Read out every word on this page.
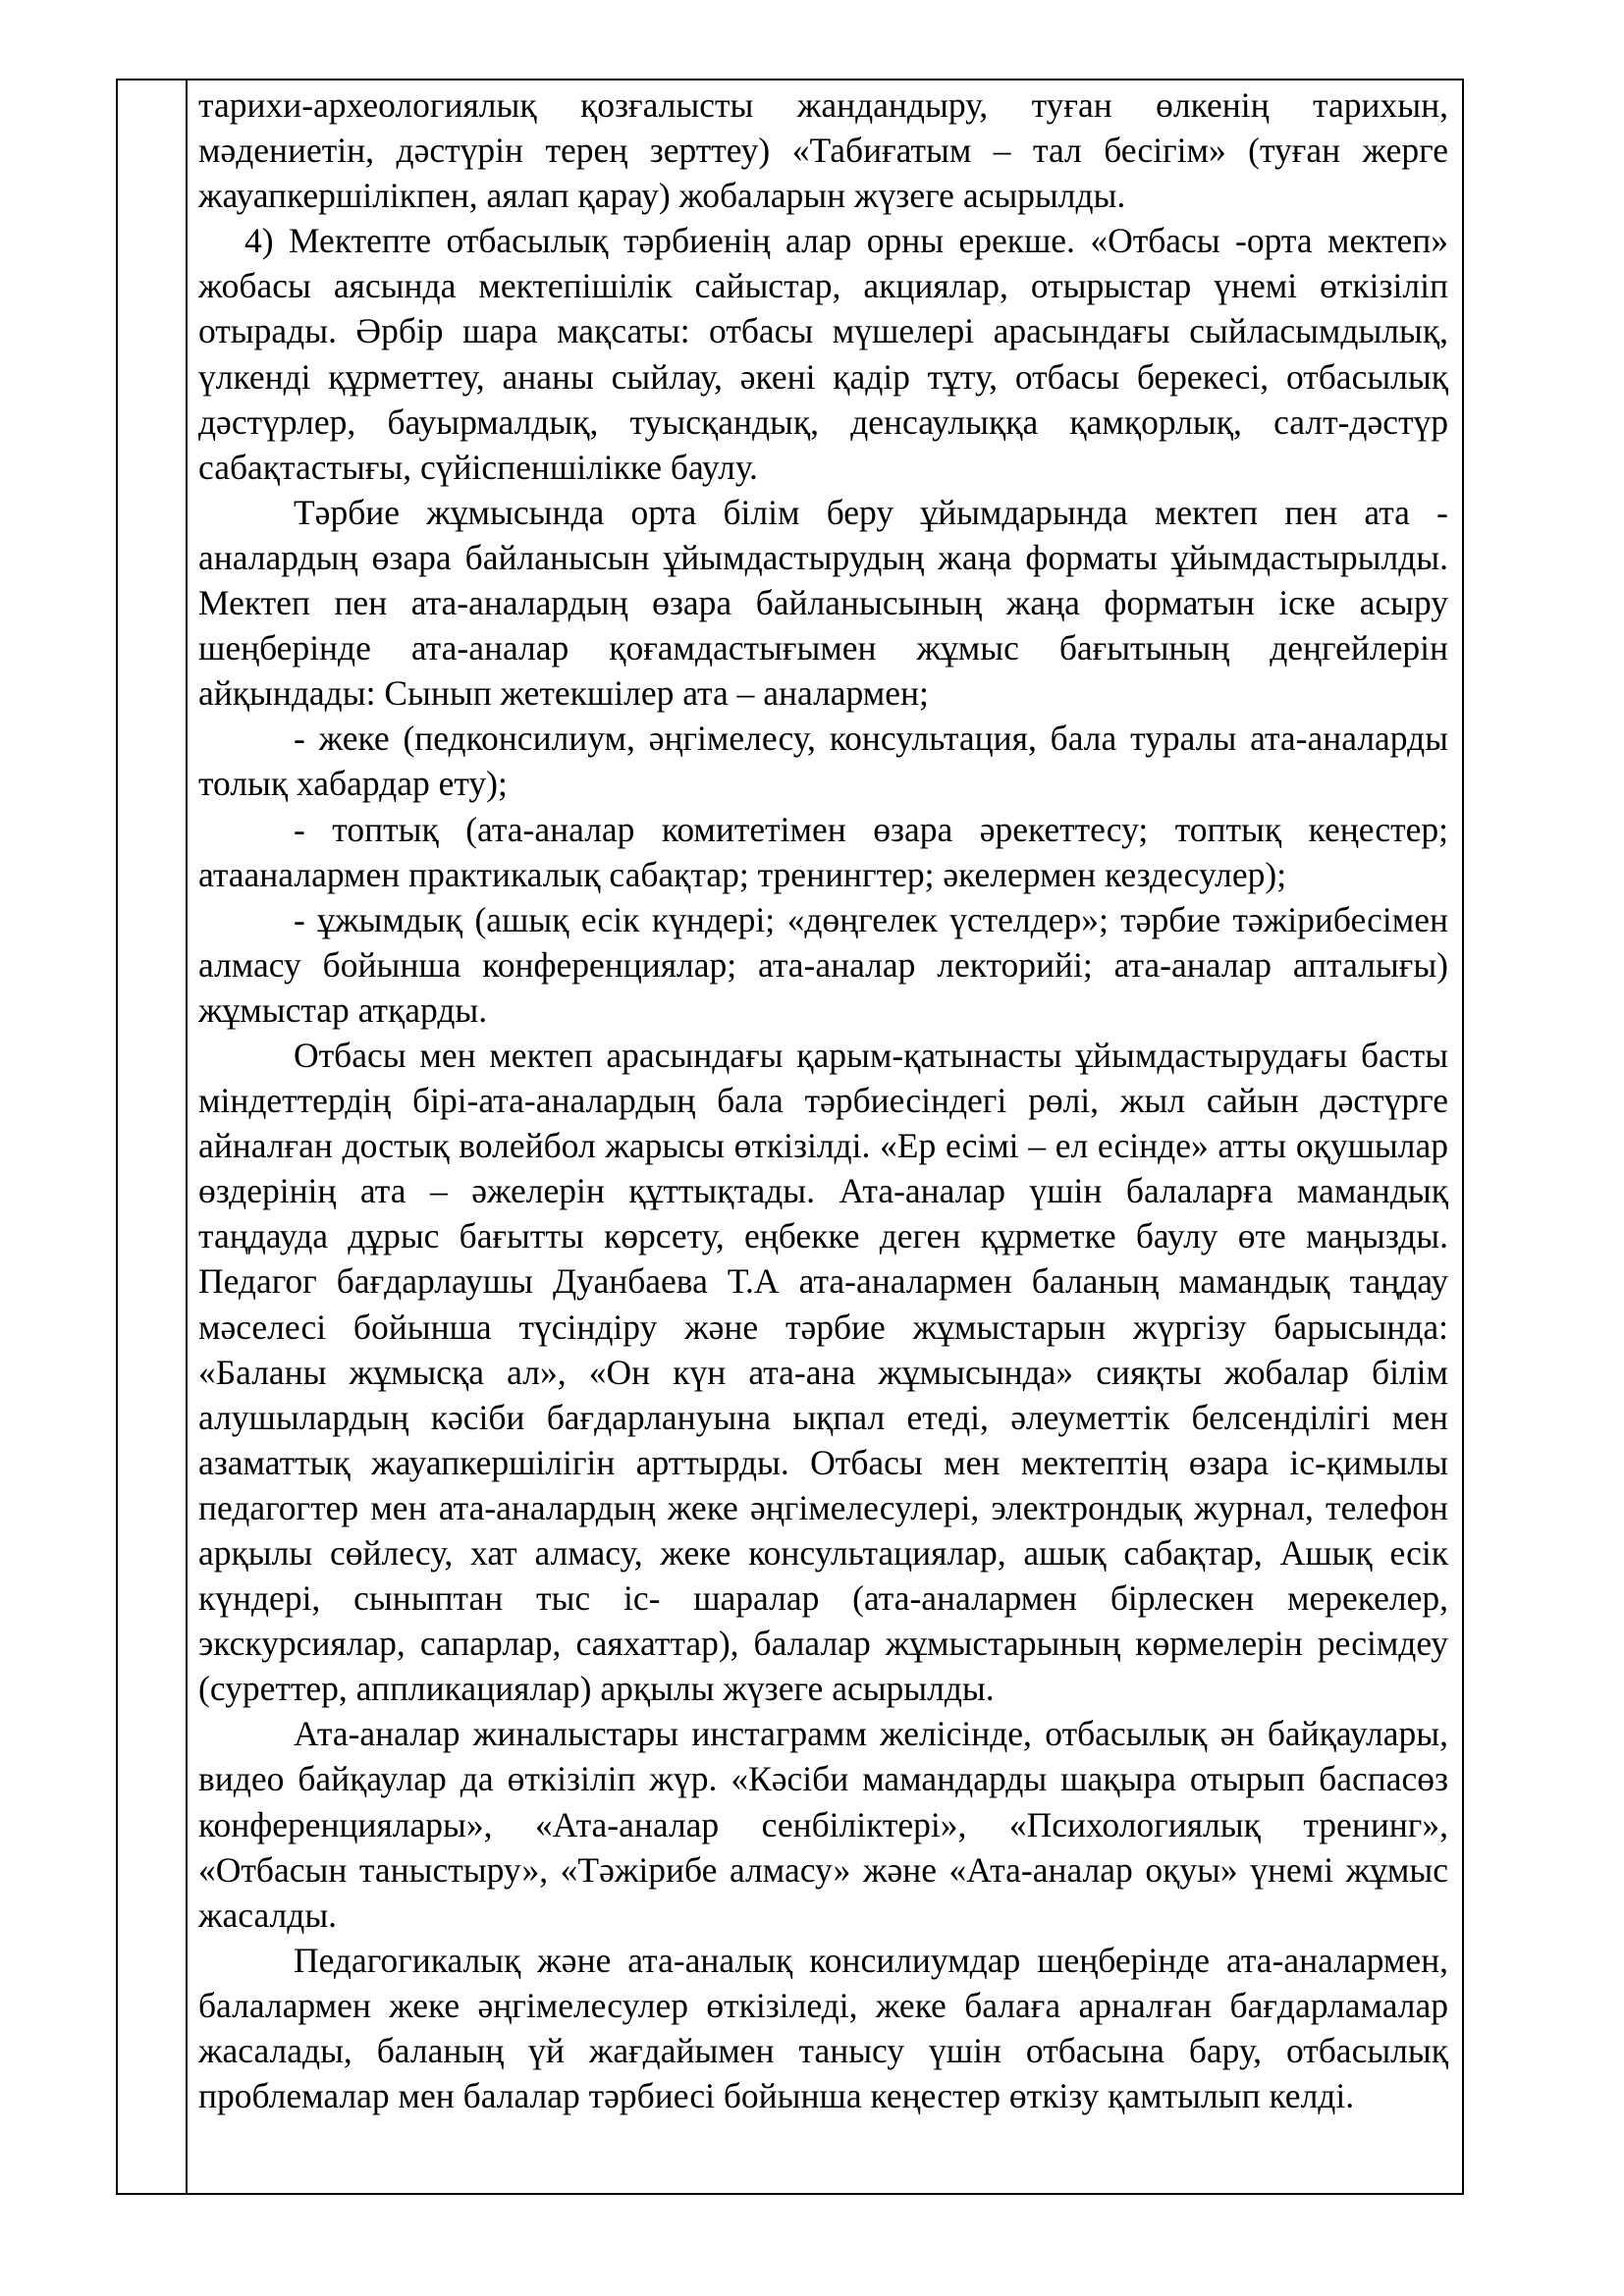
тарихи-археологиялық қозғалысты жандандыру, туған өлкенің тарихын, мәдениетін, дәстүрін терең зерттеу) «Табиғатым – тал бесігім» (туған жерге жауапкершілікпен, аялап қарау) жобаларын жүзеге асырылды.

4) Мектепте отбасылық тәрбиенің алар орны ерекше. «Отбасы -орта мектеп» жобасы аясында мектепішілік сайыстар, акциялар, отырыстар үнемі өткізіліп отырады. Әрбір шара мақсаты: отбасы мүшелері арасындағы сыйласымдылық, үлкенді құрметтеу, ананы сыйлау, әкені қадір тұту, отбасы берекесі, отбасылық дәстүрлер, бауырмалдық, туысқандық, денсаулыққа қамқорлық, салт-дәстүр сабақтастығы, сүйіспеншілікке баулу.

Тәрбие жұмысында орта білім беру ұйымдарында мектеп пен ата - аналардың өзара байланысын ұйымдастырудың жаңа форматы ұйымдастырылды. Мектеп пен ата-аналардың өзара байланысының жаңа форматын іске асыру шеңберінде ата-аналар қоғамдастығымен жұмыс бағытының деңгейлерін айқындады: Сынып жетекшілер ата – аналармен;

- жеке (педконсилиум, әңгімелесу, консультация, бала туралы ата-аналарды толық хабардар ету);

- топтық (ата-аналар комитетімен өзара әрекеттесу; топтық кеңестер; атааналармен практикалық сабақтар; тренингтер; әкелермен кездесулер);

- ұжымдық (ашық есік күндері; «дөңгелек үстелдер»; тәрбие тәжірибесімен алмасу бойынша конференциялар; ата-аналар лекторийі; ата-аналар апталығы) жұмыстар атқарды.

Отбасы мен мектеп арасындағы қарым-қатынасты ұйымдастырудағы басты міндеттердің бірі-ата-аналардың бала тәрбиесіндегі рөлі, жыл сайын дәстүрге айналған достық волейбол жарысы өткізілді. «Ер есімі – ел есінде» атты оқушылар өздерінің ата – әжелерін құттықтады. Ата-аналар үшін балаларға мамандық таңдауда дұрыс бағытты көрсету, еңбекке деген құрметке баулу өте маңызды. Педагог бағдарлаушы Дуанбаева Т.А ата-аналармен баланың мамандық таңдау мәселесі бойынша түсіндіру және тәрбие жұмыстарын жүргізу барысында: «Баланы жұмысқа ал», «Он күн ата-ана жұмысында» сияқты жобалар білім алушылардың кәсіби бағдарлануына ықпал етеді, әлеуметтік белсенділігі мен азаматтық жауапкершілігін арттырды. Отбасы мен мектептің өзара іс-қимылы педагогтер мен ата-аналардың жеке әңгімелесулері, электрондық журнал, телефон арқылы сөйлесу, хат алмасу, жеке консультациялар, ашық сабақтар, Ашық есік күндері, сыныптан тыс іс- шаралар (ата-аналармен бірлескен мерекелер, экскурсиялар, сапарлар, саяхаттар), балалар жұмыстарының көрмелерін ресімдеу (суреттер, аппликациялар) арқылы жүзеге асырылды.

Ата-аналар жиналыстары инстаграмм желісінде, отбасылық ән байқаулары, видео байқаулар да өткізіліп жүр. «Кәсіби мамандарды шақыра отырып баспасөз конференциялары», «Ата-аналар сенбіліктері», «Психологиялық тренинг», «Отбасын таныстыру», «Тәжірибе алмасу» және «Ата-аналар оқуы» үнемі жұмыс жасалды.

Педагогикалық және ата-аналық консилиумдар шеңберінде ата-аналармен, балалармен жеке әңгімелесулер өткізіледі, жеке балаға арналған бағдарламалар жасалады, баланың үй жағдайымен танысу үшін отбасына бару, отбасылық проблемалар мен балалар тәрбиесі бойынша кеңестер өткізу қамтылып келді.
